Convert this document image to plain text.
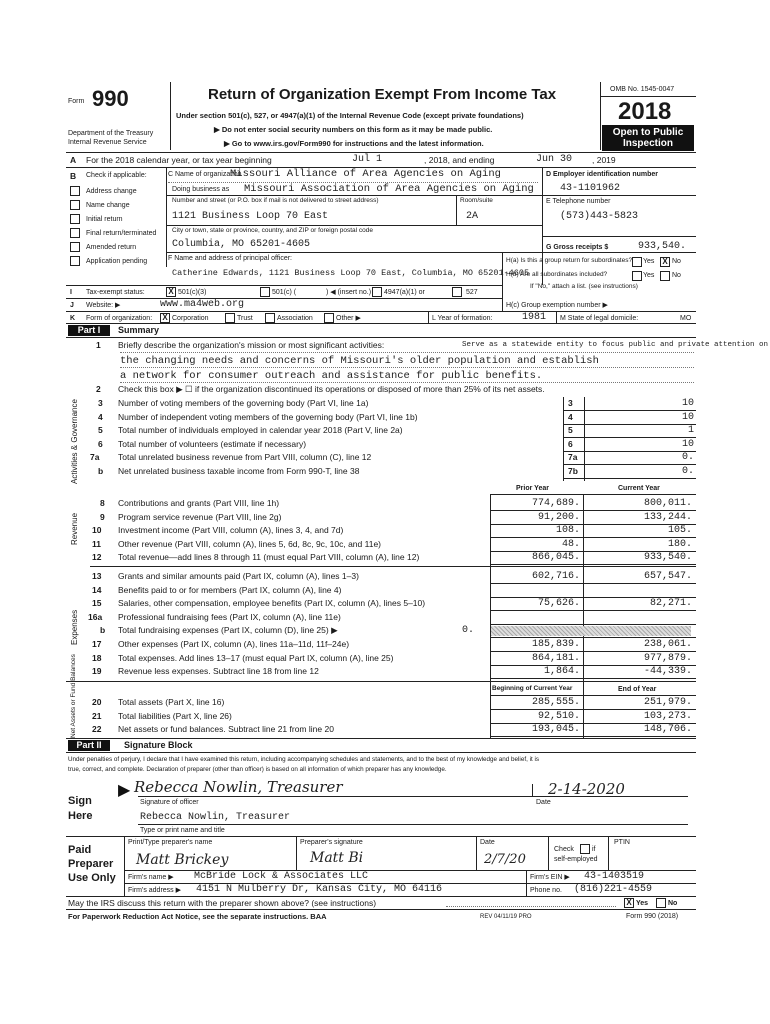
Form 990
Department of the Treasury
Internal Revenue Service
Return of Organization Exempt From Income Tax
Under section 501(c), 527, or 4947(a)(1) of the Internal Revenue Code (except private foundations)
▶ Do not enter social security numbers on this form as it may be made public.
▶ Go to www.irs.gov/Form990 for instructions and the latest information.
OMB No. 1545-0047
2018
Open to Public
Inspection
A For the 2018 calendar year, or tax year beginning	Jul 1	, 2018, and ending	Jun 30 , 2019
B Check if applicable:
Address change
Name change
Initial return
Final return/terminated
Amended return
Application pending
C Name of organization
Missouri Alliance of Area Agencies on Aging
Doing business as Missouri Association of Area Agencies on Aging
Number and street (or P.O. box if mail is not delivered to street address)	Room/suite
1121 Business Loop 70 East	2A
City or town, state or province, country, and ZIP or foreign postal code
Columbia, MO 65201-4605
F Name and address of principal officer:
Catherine Edwards, 1121 Business Loop 70 East, Columbia, MO 65201-4605
D Employer identification number
43-1101962
E Telephone number
(573)443-5823
G Gross receipts $	933,540.
H(a) Is this a group return for subordinates? Yes X No
H(b) Are all subordinates included?	Yes	No
If "No," attach a list. (see instructions)
I Tax-exempt status:	X 501(c)(3)	501(c) (	) ◀ (insert no.) 4947(a)(1) or	527
J Website: ▶	www.ma4web.org	H(c) Group exemption number ▶
K Form of organization: X Corporation	Trust	Association	Other ▶	L Year of formation:	1981 M State of legal domicile:	MO
Part I	Summary
Activities & Governance
Revenue
Expenses
Net Assets or Fund Balances
1 Briefly describe the organization's mission or most significant activities:	Serve as a statewide entity to focus public and private attention on
the changing needs and concerns of Missouri's older population and establish
a network for consumer outreach and assistance for public benefits.
2 Check this box ▶ ☐ if the organization discontinued its operations or disposed of more than 25% of its net assets.
Prior Year	Current Year
Beginning of Current Year	End of Year
Part II	Signature Block
Under penalties of perjury, I declare that I have examined this return, including accompanying schedules and statements, and to the best of my knowledge and belief, it is
true, correct, and complete. Declaration of preparer (other than officer) is based on all information of which preparer has any knowledge.
Sign
Here
▶ Rebecca Nowlin, Treasurer
Signature of officer
2-14-2020
Date
Rebecca Nowlin, Treasurer
Type or print name and title
Paid
Preparer
Use Only
Print/Type preparer's name	Preparer's signature	Date
Check	if
self-employed
PTIN
Matt Brickey	Matt Bi	2/7/20
Firm's name ▶ McBride Lock & Associates LLC	Firm's EIN ▶ 43-1403519
Firm's address ▶ 4151 N Mulberry Dr, Kansas City, MO 64116	Phone no. (816)221-4559
May the IRS discuss this return with the preparer shown above? (see instructions)	X Yes	No
For Paperwork Reduction Act Notice, see the separate instructions. BAA	REV 04/11/19 PRO	Form 990 (2018)
3 Number of voting members of the governing body (Part VI, line 1a)	3	10
4 Number of independent voting members of the governing body (Part VI, line 1b)	4	10
5 Total number of individuals employed in calendar year 2018 (Part V, line 2a)	5	1
6 Total number of volunteers (estimate if necessary)	6	10
7a Total unrelated business revenue from Part VIII, column (C), line 12	7a	0.
b Net unrelated business taxable income from Form 990-T, line 38	7b	0.
8 Contributions and grants (Part VIII, line 1h)	774,689.	800,011.
9 Program service revenue (Part VIII, line 2g)	91,200.	133,244.
10 Investment income (Part VIII, column (A), lines 3, 4, and 7d)	108.	105.
11 Other revenue (Part VIII, column (A), lines 5, 6d, 8c, 9c, 10c, and 11e)	48.	180.
12 Total revenue—add lines 8 through 11 (must equal Part VIII, column (A), line 12)	866,045.	933,540.
13 Grants and similar amounts paid (Part IX, column (A), lines 1–3)	602,716.	657,547.
14 Benefits paid to or for members (Part IX, column (A), line 4)
15 Salaries, other compensation, employee benefits (Part IX, column (A), lines 5–10)	75,626.	82,271.
16a Professional fundraising fees (Part IX, column (A), line 11e)
b Total fundraising expenses (Part IX, column (D), line 25) ▶	0.
17 Other expenses (Part IX, column (A), lines 11a–11d, 11f–24e)	185,839.	238,061.
18 Total expenses. Add lines 13–17 (must equal Part IX, column (A), line 25)	864,181.	977,879.
19 Revenue less expenses. Subtract line 18 from line 12	1,864.	-44,339.
20 Total assets (Part X, line 16)	285,555.	251,979.
21 Total liabilities (Part X, line 26)	92,510.	103,273.
22 Net assets or fund balances. Subtract line 21 from line 20	193,045.	148,706.
